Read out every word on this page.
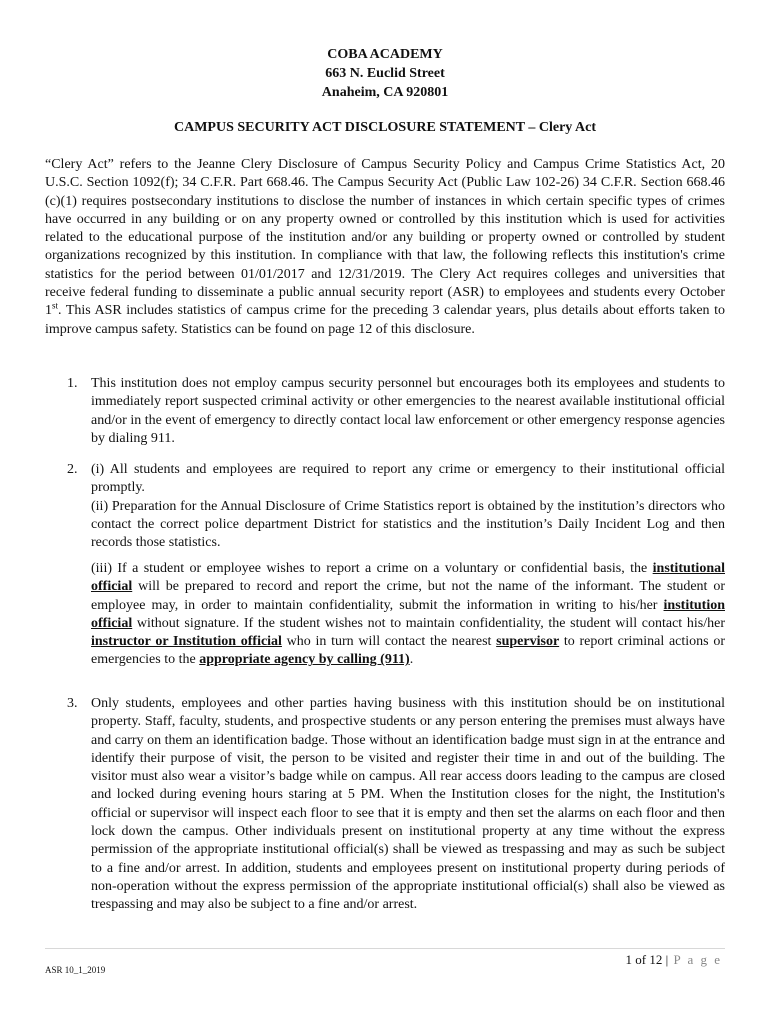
COBA ACADEMY
663 N. Euclid Street
Anaheim, CA 920801
CAMPUS SECURITY ACT DISCLOSURE STATEMENT – Clery Act
“Clery Act” refers to the Jeanne Clery Disclosure of Campus Security Policy and Campus Crime Statistics Act, 20 U.S.C. Section 1092(f); 34 C.F.R. Part 668.46. The Campus Security Act (Public Law 102-26) 34 C.F.R. Section 668.46 (c)(1) requires postsecondary institutions to disclose the number of instances in which certain specific types of crimes have occurred in any building or on any property owned or controlled by this institution which is used for activities related to the educational purpose of the institution and/or any building or property owned or controlled by student organizations recognized by this institution. In compliance with that law, the following reflects this institution's crime statistics for the period between 01/01/2017 and 12/31/2019. The Clery Act requires colleges and universities that receive federal funding to disseminate a public annual security report (ASR) to employees and students every October 1st. This ASR includes statistics of campus crime for the preceding 3 calendar years, plus details about efforts taken to improve campus safety. Statistics can be found on page 12 of this disclosure.
1. This institution does not employ campus security personnel but encourages both its employees and students to immediately report suspected criminal activity or other emergencies to the nearest available institutional official and/or in the event of emergency to directly contact local law enforcement or other emergency response agencies by dialing 911.
2. (i) All students and employees are required to report any crime or emergency to their institutional official promptly.
(ii) Preparation for the Annual Disclosure of Crime Statistics report is obtained by the institution’s directors who contact the correct police department District for statistics and the institution’s Daily Incident Log and then records those statistics.
(iii) If a student or employee wishes to report a crime on a voluntary or confidential basis, the institutional official will be prepared to record and report the crime, but not the name of the informant. The student or employee may, in order to maintain confidentiality, submit the information in writing to his/her institution official without signature. If the student wishes not to maintain confidentiality, the student will contact his/her instructor or Institution official who in turn will contact the nearest supervisor to report criminal actions or emergencies to the appropriate agency by calling (911).
3. Only students, employees and other parties having business with this institution should be on institutional property. Staff, faculty, students, and prospective students or any person entering the premises must always have and carry on them an identification badge. Those without an identification badge must sign in at the entrance and identify their purpose of visit, the person to be visited and register their time in and out of the building. The visitor must also wear a visitor’s badge while on campus. All rear access doors leading to the campus are closed and locked during evening hours staring at 5 PM. When the Institution closes for the night, the Institution's official or supervisor will inspect each floor to see that it is empty and then set the alarms on each floor and then lock down the campus. Other individuals present on institutional property at any time without the express permission of the appropriate institutional official(s) shall be viewed as trespassing and may as such be subject to a fine and/or arrest. In addition, students and employees present on institutional property during periods of non-operation without the express permission of the appropriate institutional official(s) shall also be viewed as trespassing and may also be subject to a fine and/or arrest.
1 of 12 | P a g e
ASR 10_1_2019
